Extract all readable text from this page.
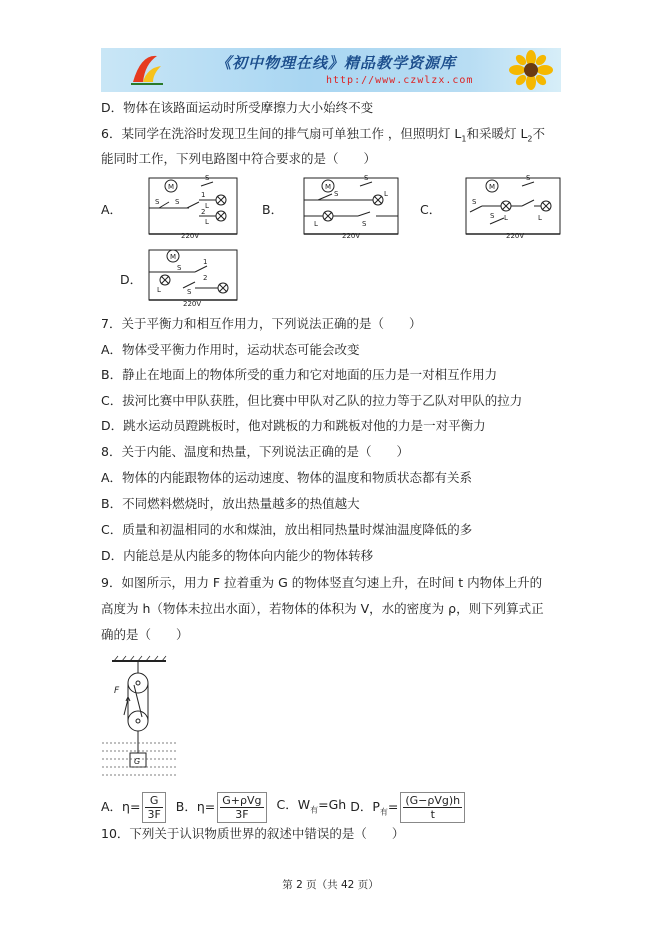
《初中物理在线》精品教学资源库
http://www.czwlzx.com
D．物体在该路面运动时所受摩擦力大小始终不变
6．某同学在洗浴时发现卫生间的排气扇可单独工作 ，但照明灯 $L_1$和采暖灯 $L_2$不
能同时工作，下列电路图中符合要求的是（　　）
A．	B．	C．
D．
M
S
S S
1
2
L
L
220V
M
S
S
S
L
L
220V
M
S
S
S L	L
220V
M
S
1
2
S
L
220V
7．关于平衡力和相互作用力，下列说法正确的是（　　）
A．物体受平衡力作用时，运动状态可能会改变
B．静止在地面上的物体所受的重力和它对地面的压力是一对相互作用力
C．拔河比赛中甲队获胜，但比赛中甲队对乙队的拉力等于乙队对甲队的拉力
D．跳水运动员蹬跳板时，他对跳板的力和跳板对他的力是一对平衡力
8．关于内能、温度和热量，下列说法正确的是（　　）
A．物体的内能跟物体的运动速度、物体的温度和物质状态都有关系
B．不同燃料燃烧时，放出热量越多的热值越大
C．质量和初温相同的水和煤油，放出相同热量时煤油温度降低的多
D．内能总是从内能多的物体向内能少的物体转移
9．如图所示，用力 F 拉着重为 G 的物体竖直匀速上升，在时间 t 内物体上升的
高度为 h（物体未拉出水面），若物体的体积为 V，水的密度为 ρ，则下列算式正
确的是（　　）
F
G
A．$\eta= \frac{G}{3F}$ B．$\eta= \frac{\text{G+ρVg}}{3F}$ C．$W_有=Gh$ D．$P_有= \frac{\text{(G−ρVg)h}}{t}$
10．下列关于认识物质世界的叙述中错误的是（　　）
第 2 页（共 42 页）
